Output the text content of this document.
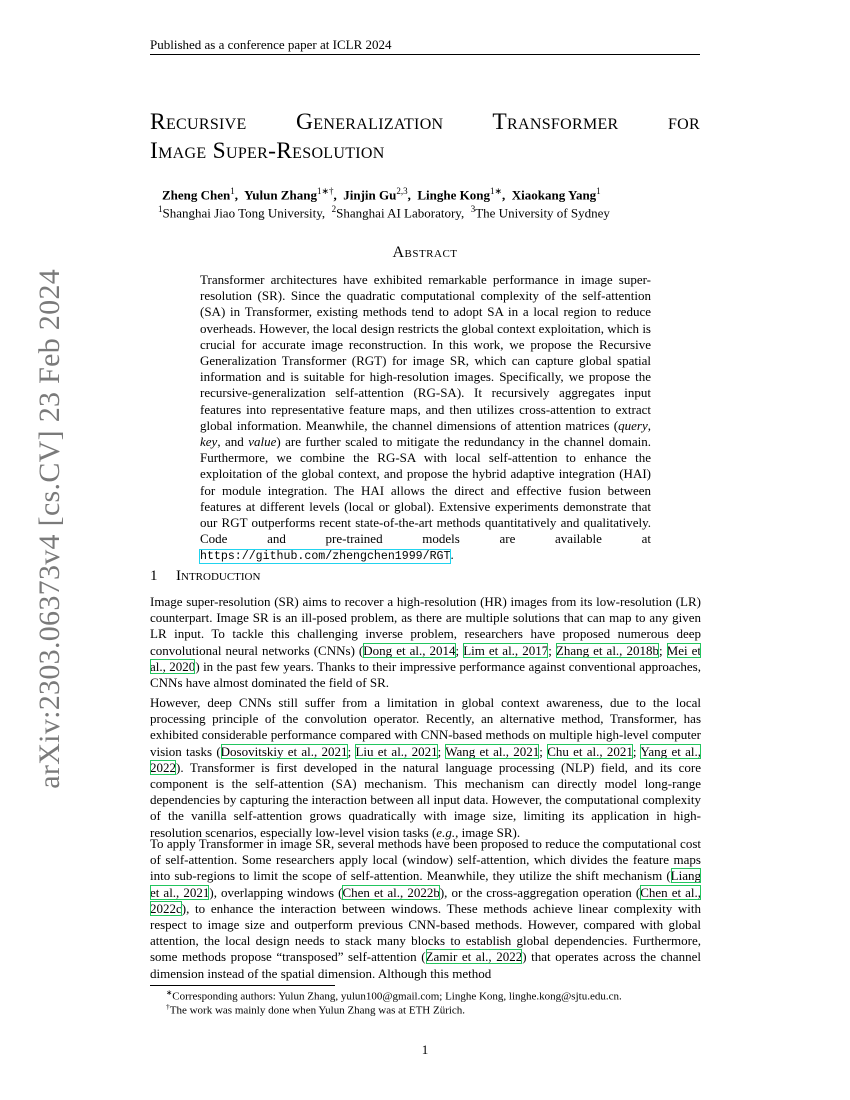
Published as a conference paper at ICLR 2024
arXiv:2303.06373v4 [cs.CV] 23 Feb 2024
Recursive Generalization Transformer for
Image Super-Resolution
Zheng Chen$^1$,  Yulun Zhang$^{1∗\dagger}$,  Jinjin Gu$^{2,3}$,  Linghe Kong$^{1∗}$,  Xiaokang Yang$^1$
$^1$Shanghai Jiao Tong University, $^2$Shanghai AI Laboratory, $^3$The University of Sydney
Abstract
Transformer architectures have exhibited remarkable performance in image super-resolution (SR). Since the quadratic computational complexity of the self-attention (SA) in Transformer, existing methods tend to adopt SA in a local region to reduce overheads. However, the local design restricts the global context exploitation, which is crucial for accurate image reconstruction. In this work, we propose the Recursive Generalization Transformer (RGT) for image SR, which can capture global spatial information and is suitable for high-resolution images. Specifically, we propose the recursive-generalization self-attention (RG-SA). It recursively aggregates input features into representative feature maps, and then utilizes cross-attention to extract global information. Meanwhile, the channel dimensions of attention matrices (query, key, and value) are further scaled to mitigate the redundancy in the channel domain. Furthermore, we combine the RG-SA with local self-attention to enhance the exploitation of the global context, and propose the hybrid adaptive integration (HAI) for module integration. The HAI allows the direct and effective fusion between features at different levels (local or global). Extensive experiments demonstrate that our RGT outperforms recent state-of-the-art methods quantitatively and qualitatively. Code and pre-trained models are available at https://github.com/zhengchen1999/RGT.
1 Introduction
Image super-resolution (SR) aims to recover a high-resolution (HR) images from its low-resolution (LR) counterpart. Image SR is an ill-posed problem, as there are multiple solutions that can map to any given LR input. To tackle this challenging inverse problem, researchers have proposed numerous deep convolutional neural networks (CNNs) (Dong et al., 2014; Lim et al., 2017; Zhang et al., 2018b; Mei et al., 2020) in the past few years. Thanks to their impressive performance against conventional approaches, CNNs have almost dominated the field of SR.
However, deep CNNs still suffer from a limitation in global context awareness, due to the local processing principle of the convolution operator. Recently, an alternative method, Transformer, has exhibited considerable performance compared with CNN-based methods on multiple high-level computer vision tasks (Dosovitskiy et al., 2021; Liu et al., 2021; Wang et al., 2021; Chu et al., 2021; Yang et al., 2022). Transformer is first developed in the natural language processing (NLP) field, and its core component is the self-attention (SA) mechanism. This mechanism can directly model long-range dependencies by capturing the interaction between all input data. However, the computational complexity of the vanilla self-attention grows quadratically with image size, limiting its application in high-resolution scenarios, especially low-level vision tasks (e.g., image SR).
To apply Transformer in image SR, several methods have been proposed to reduce the computational cost of self-attention. Some researchers apply local (window) self-attention, which divides the feature maps into sub-regions to limit the scope of self-attention. Meanwhile, they utilize the shift mechanism (Liang et al., 2021), overlapping windows (Chen et al., 2022b), or the cross-aggregation operation (Chen et al., 2022c), to enhance the interaction between windows. These methods achieve linear complexity with respect to image size and outperform previous CNN-based methods. However, compared with global attention, the local design needs to stack many blocks to establish global dependencies. Furthermore, some methods propose “transposed” self-attention (Zamir et al., 2022) that operates across the channel dimension instead of the spatial dimension. Although this method
∗Corresponding authors: Yulun Zhang, yulun100@gmail.com; Linghe Kong, linghe.kong@sjtu.edu.cn.
†The work was mainly done when Yulun Zhang was at ETH Zürich.
1
